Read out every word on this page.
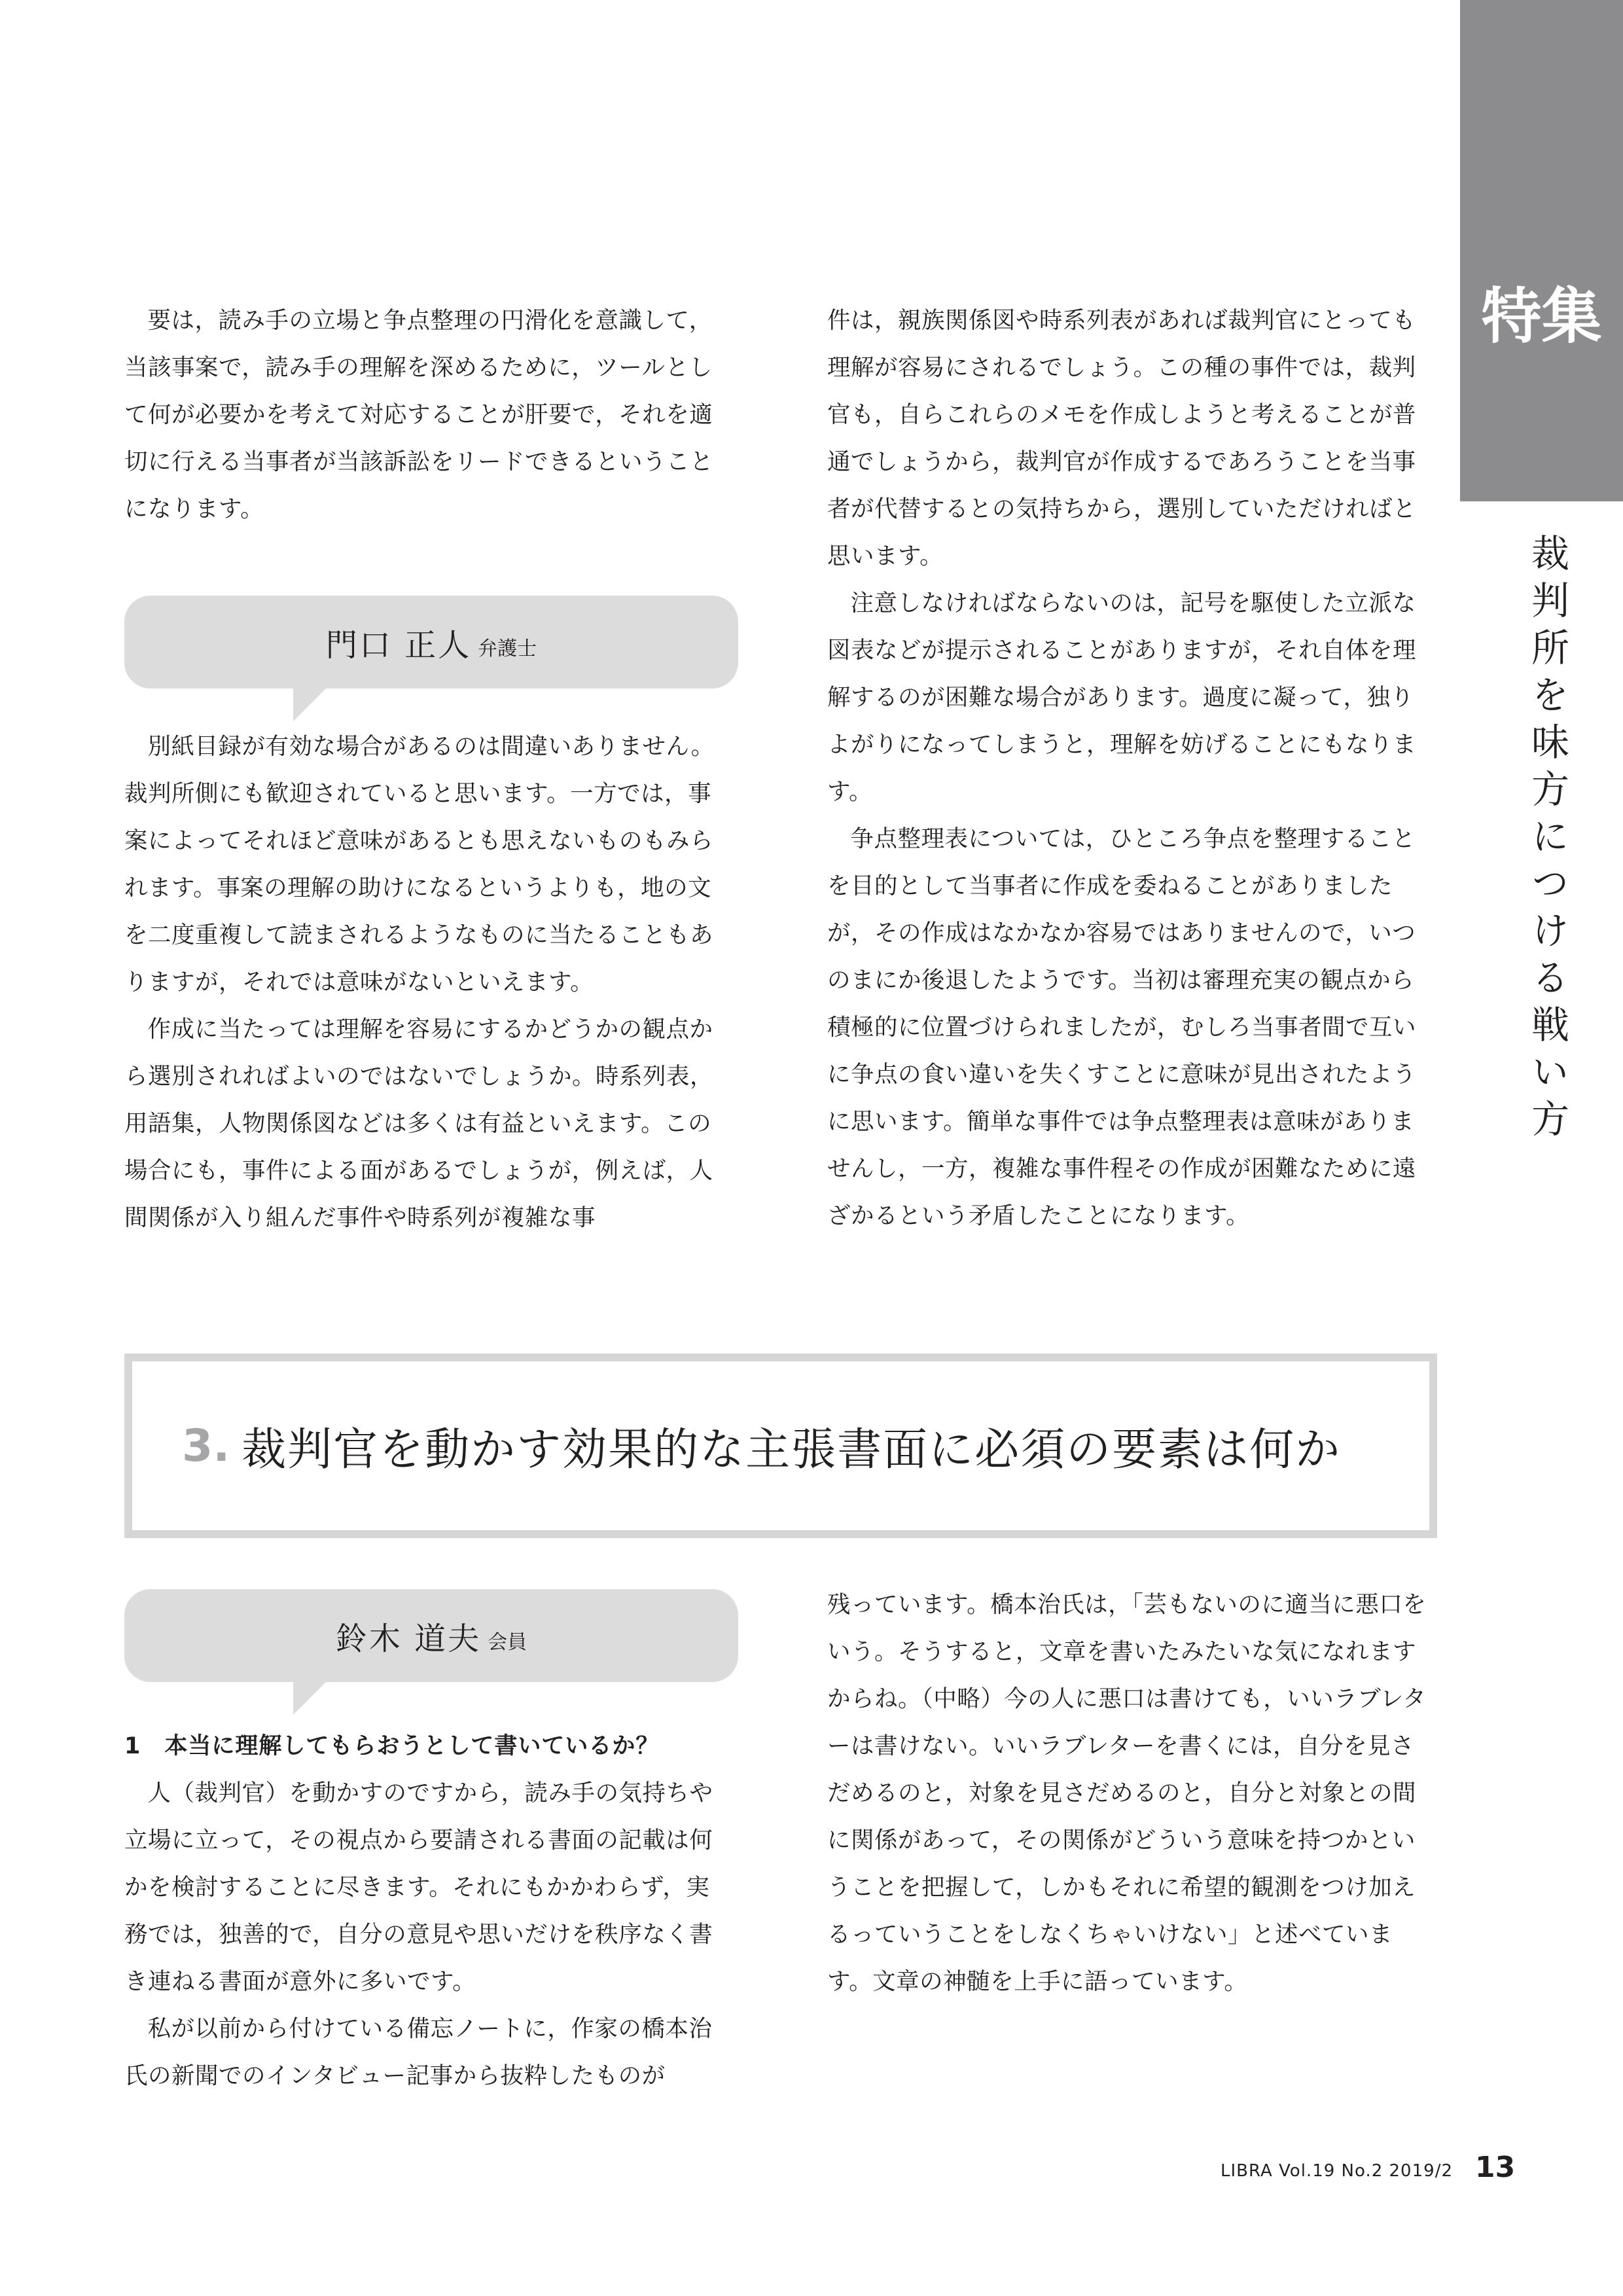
特集
裁判所を味方につける戦い方

要は，読み手の立場と争点整理の円滑化を意識して，当該事案で，読み手の理解を深めるために，ツールとして何が必要かを考えて対応することが肝要で，それを適切に行える当事者が当該訴訟をリードできるということになります。

門口 正人 弁護士

別紙目録が有効な場合があるのは間違いありません。裁判所側にも歓迎されていると思います。一方では，事案によってそれほど意味があるとも思えないものもみられます。事案の理解の助けになるというよりも，地の文を二度重複して読まされるようなものに当たることもありますが，それでは意味がないといえます。

作成に当たっては理解を容易にするかどうかの観点から選別されればよいのではないでしょうか。時系列表，用語集，人物関係図などは多くは有益といえます。この場合にも，事件による面があるでしょうが，例えば，人間関係が入り組んだ事件や時系列が複雑な事

件は，親族関係図や時系列表があれば裁判官にとっても理解が容易にされるでしょう。この種の事件では，裁判官も，自らこれらのメモを作成しようと考えることが普通でしょうから，裁判官が作成するであろうことを当事者が代替するとの気持ちから，選別していただければと思います。

注意しなければならないのは，記号を駆使した立派な図表などが提示されることがありますが，それ自体を理解するのが困難な場合があります。過度に凝って，独りよがりになってしまうと，理解を妨げることにもなります。

争点整理表については，ひところ争点を整理することを目的として当事者に作成を委ねることがありましたが，その作成はなかなか容易ではありませんので，いつのまにか後退したようです。当初は審理充実の観点から積極的に位置づけられましたが，むしろ当事者間で互いに争点の食い違いを失くすことに意味が見出されたように思います。簡単な事件では争点整理表は意味がありませんし，一方，複雑な事件程その作成が困難なために遠ざかるという矛盾したことになります。

3. 裁判官を動かす効果的な主張書面に必須の要素は何か
鈴木 道夫 会員
1　本当に理解してもらおうとして書いているか？

人（裁判官）を動かすのですから，読み手の気持ちや立場に立って，その視点から要請される書面の記載は何かを検討することに尽きます。それにもかかわらず，実務では，独善的で，自分の意見や思いだけを秩序なく書き連ねる書面が意外に多いです。

私が以前から付けている備忘ノートに，作家の橋本治氏の新聞でのインタビュー記事から抜粋したものが

残っています。橋本治氏は，「芸もないのに適当に悪口をいう。そうすると，文章を書いたみたいな気になれますからね。（中略）今の人に悪口は書けても，いいラブレターは書けない。いいラブレターを書くには，自分を見さだめるのと，対象を見さだめるのと，自分と対象との間に関係があって，その関係がどういう意味を持つかということを把握して，しかもそれに希望的観測をつけ加えるっていうことをしなくちゃいけない」と述べています。文章の神髄を上手に語っています。

LIBRA Vol.19 No.2 2019/2 13
